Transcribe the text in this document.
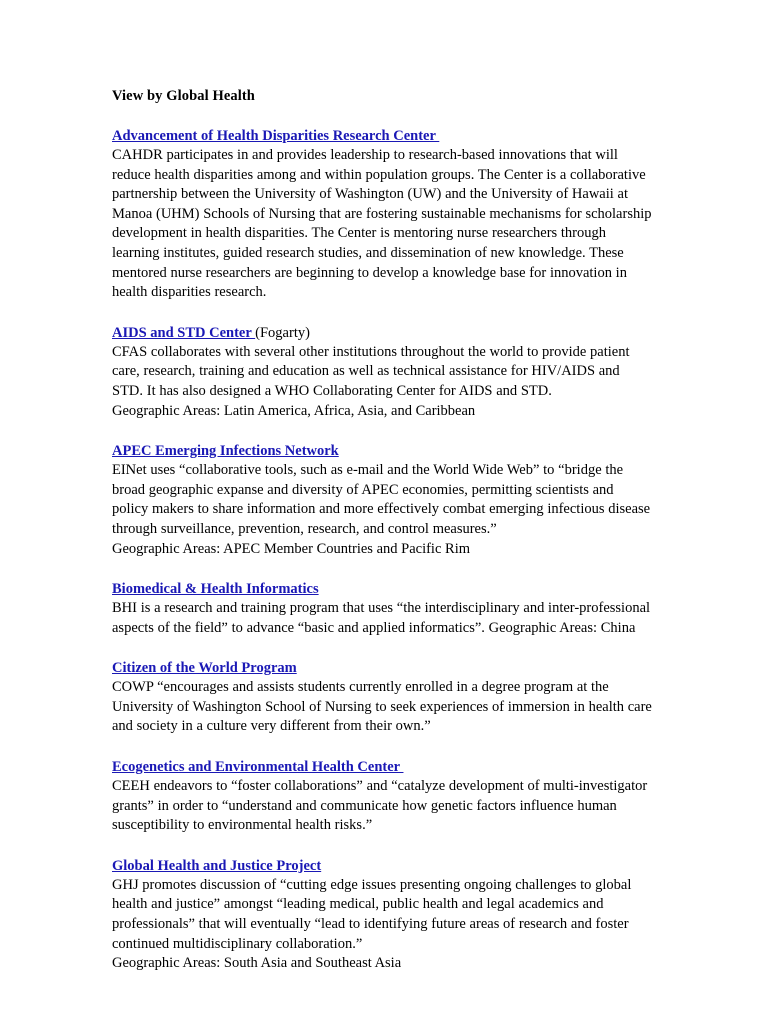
View by Global Health

Advancement of Health Disparities Research Center

CAHDR participates in and provides leadership to research-based innovations that will reduce health disparities among and within population groups. The Center is a collaborative partnership between the University of Washington (UW) and the University of Hawaii at Manoa (UHM) Schools of Nursing that are fostering sustainable mechanisms for scholarship development in health disparities. The Center is mentoring nurse researchers through learning institutes, guided research studies, and dissemination of new knowledge. These mentored nurse researchers are beginning to develop a knowledge base for innovation in health disparities research.

AIDS and STD Center (Fogarty)

CFAS collaborates with several other institutions throughout the world to provide patient care, research, training and education as well as technical assistance for HIV/AIDS and STD. It has also designed a WHO Collaborating Center for AIDS and STD.

Geographic Areas: Latin America, Africa, Asia, and Caribbean

APEC Emerging Infections Network

EINet uses “collaborative tools, such as e-mail and the World Wide Web” to “bridge the broad geographic expanse and diversity of APEC economies, permitting scientists and policy makers to share information and more effectively combat emerging infectious disease through surveillance, prevention, research, and control measures.”

Geographic Areas: APEC Member Countries and Pacific Rim

Biomedical & Health Informatics

BHI is a research and training program that uses “the interdisciplinary and inter-professional aspects of the field” to advance “basic and applied informatics”. Geographic Areas: China

Citizen of the World Program

COWP “encourages and assists students currently enrolled in a degree program at the University of Washington School of Nursing to seek experiences of immersion in health care and society in a culture very different from their own.”

Ecogenetics and Environmental Health Center

CEEH endeavors to “foster collaborations” and “catalyze development of multi-investigator grants” in order to “understand and communicate how genetic factors influence human susceptibility to environmental health risks.”

Global Health and Justice Project

GHJ promotes discussion of “cutting edge issues presenting ongoing challenges to global health and justice” amongst “leading medical, public health and legal academics and professionals” that will eventually “lead to identifying future areas of research and foster continued multidisciplinary collaboration.”

Geographic Areas: South Asia and Southeast Asia
